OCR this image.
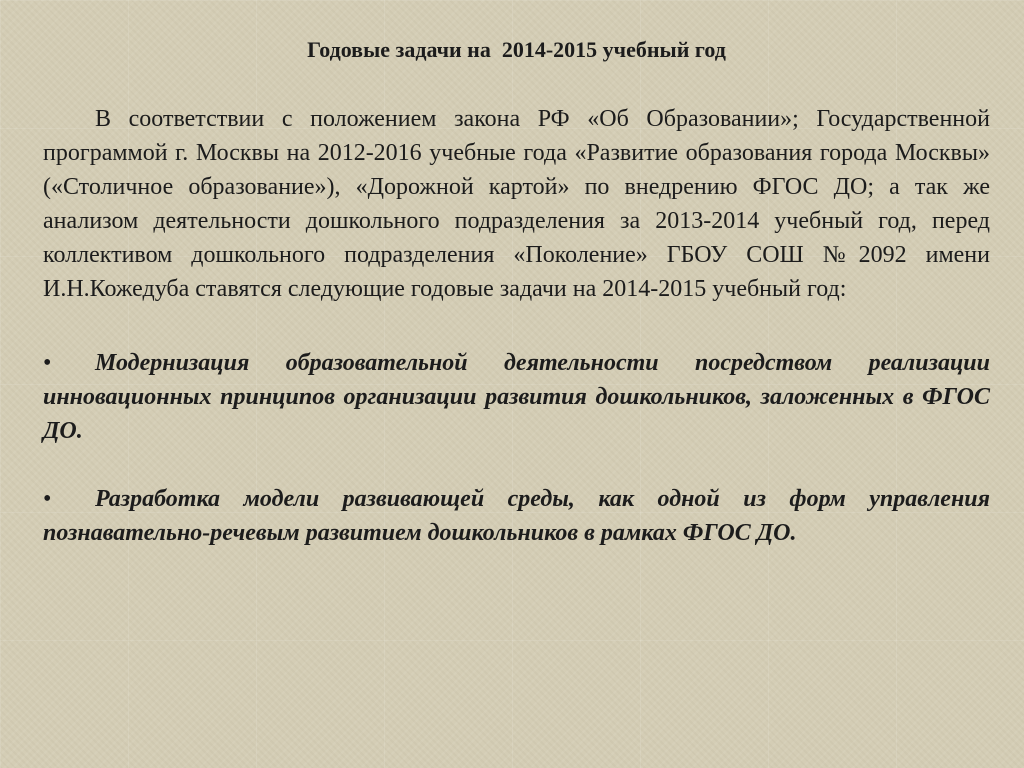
Годовые задачи на  2014-2015 учебный год

В соответствии с положением закона РФ «Об Образовании»; Государственной программой г. Москвы на 2012-2016 учебные года «Развитие образования города Москвы» («Столичное образование»), «Дорожной картой» по внедрению ФГОС ДО; а так же анализом деятельности дошкольного подразделения за 2013-2014 учебный год, перед коллективом дошкольного подразделения «Поколение» ГБОУ СОШ №2092 имени И.Н.Кожедуба ставятся следующие годовые задачи на 2014-2015 учебный год:

• Модернизация образовательной деятельности посредством реализации инновационных принципов организации развития дошкольников, заложенных в ФГОС ДО.
• Разработка модели развивающей среды, как одной из форм управления познавательно-речевым развитием дошкольников в рамках ФГОС ДО.
